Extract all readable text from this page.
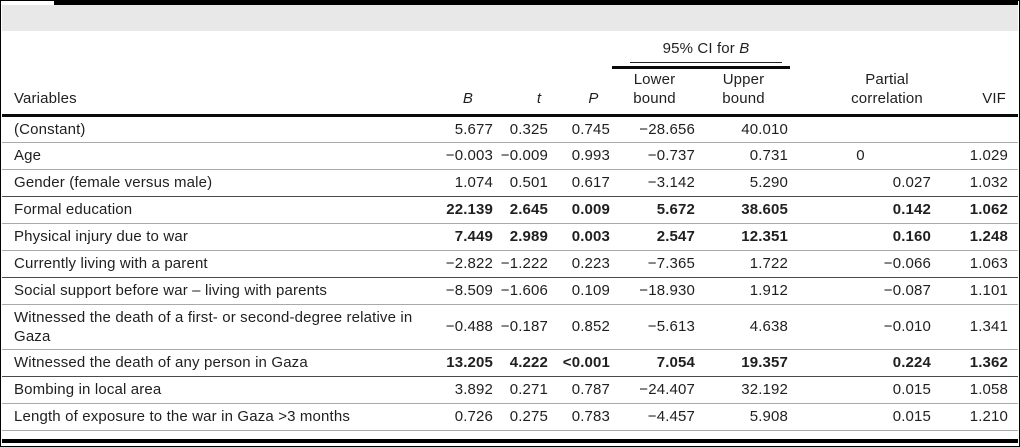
Variables	B	t	P	95% CI for B		Partial correlation	VIF
				Lower bound	Upper bound		
(Constant)	5.677	0.325	0.745	−28.656	40.010		
Age	−0.003	−0.009	0.993	−0.737	0.731	0	1.029
Gender (female versus male)	1.074	0.501	0.617	−3.142	5.290	0.027	1.032
Formal education	22.139	2.645	0.009	5.672	38.605	0.142	1.062
Physical injury due to war	7.449	2.989	0.003	2.547	12.351	0.160	1.248
Currently living with a parent	−2.822	−1.222	0.223	−7.365	1.722	−0.066	1.063
Social support before war – living with parents	−8.509	−1.606	0.109	−18.930	1.912	−0.087	1.101
Witnessed the death of a first- or second-degree relative in Gaza	−0.488	−0.187	0.852	−5.613	4.638	−0.010	1.341
Witnessed the death of any person in Gaza	13.205	4.222	<0.001	7.054	19.357	0.224	1.362
Bombing in local area	3.892	0.271	0.787	−24.407	32.192	0.015	1.058
Length of exposure to the war in Gaza >3 months	0.726	0.275	0.783	−4.457	5.908	0.015	1.210
